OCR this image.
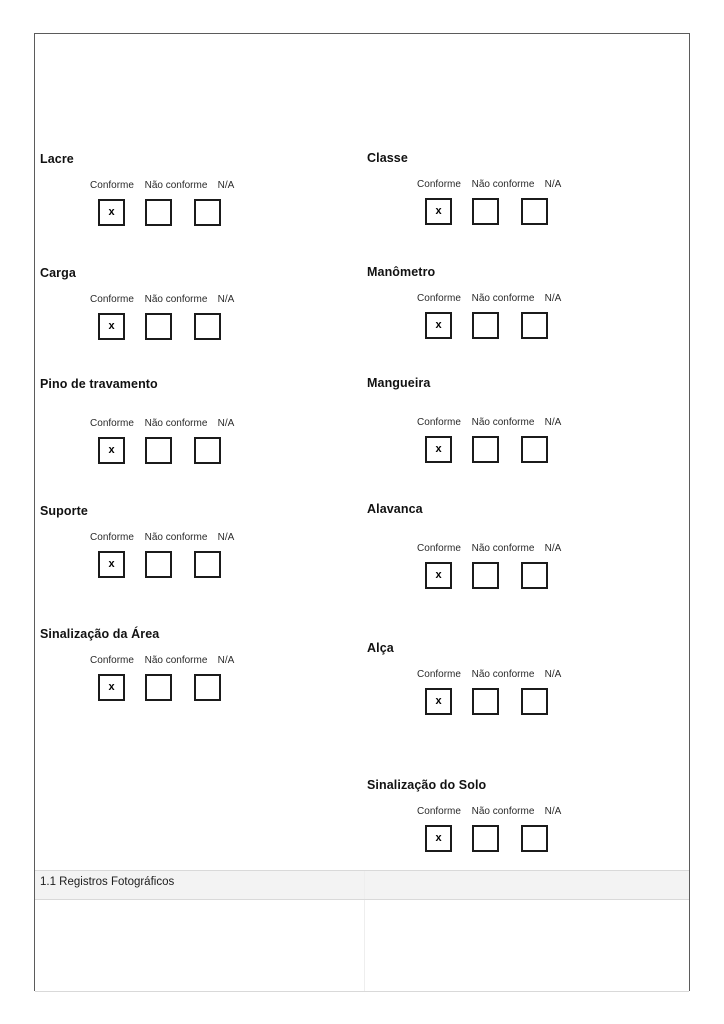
Lacre
Conforme Não conforme N/A
x
Carga
Conforme Não conforme N/A
x
Pino de travamento
Conforme Não conforme N/A
x
Suporte
Conforme Não conforme N/A
x
Sinalização da Área
Conforme Não conforme N/A
x
Classe
Conforme Não conforme N/A
x
Manômetro
Conforme Não conforme N/A
x
Mangueira
Conforme Não conforme N/A
x
Alavanca
Conforme Não conforme N/A
x
Alça
Conforme Não conforme N/A
x
Sinalização do Solo
Conforme Não conforme N/A
x
1.1 Registros Fotográficos
